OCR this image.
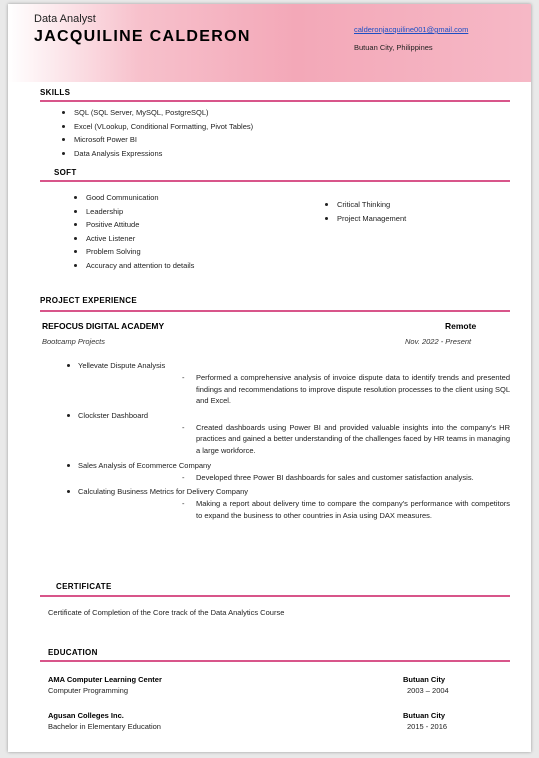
Data Analyst
JACQUILINE CALDERON	calderonjacquiline001@gmail.com
Butuan City, Philippines
SKILLS
SQL (SQL Server, MySQL, PostgreSQL)
Excel (VLookup, Conditional Formatting, Pivot Tables)
Microsoft Power BI
Data Analysis Expressions
SOFT
Good Communication
Leadership
Positive Attitude
Active Listener
Problem Solving
Accuracy and attention to details
Critical Thinking
Project Management
PROJECT EXPERIENCE
REFOCUS DIGITAL ACADEMY	Remote
Bootcamp Projects	Nov. 2022 - Present
Yellevate Dispute Analysis
- Performed a comprehensive analysis of invoice dispute data to identify trends and presented findings and recommendations to improve dispute resolution processes to the client using SQL and Excel.
Clockster Dashboard
- Created dashboards using Power BI and provided valuable insights into the company's HR practices and gained a better understanding of the challenges faced by HR teams in managing a large workforce.
Sales Analysis of Ecommerce Company
- Developed three Power BI dashboards for sales and customer satisfaction analysis.
Calculating Business Metrics for Delivery Company
- Making a report about delivery time to compare the company's performance with competitors to expand the business to other countries in Asia using DAX measures.
CERTIFICATE
Certificate of Completion of the Core track of the Data Analytics Course
EDUCATION
AMA Computer Learning Center	Butuan City
Computer Programming	2003 – 2004
Agusan Colleges Inc.	Butuan City
Bachelor in Elementary Education	2015 - 2016
